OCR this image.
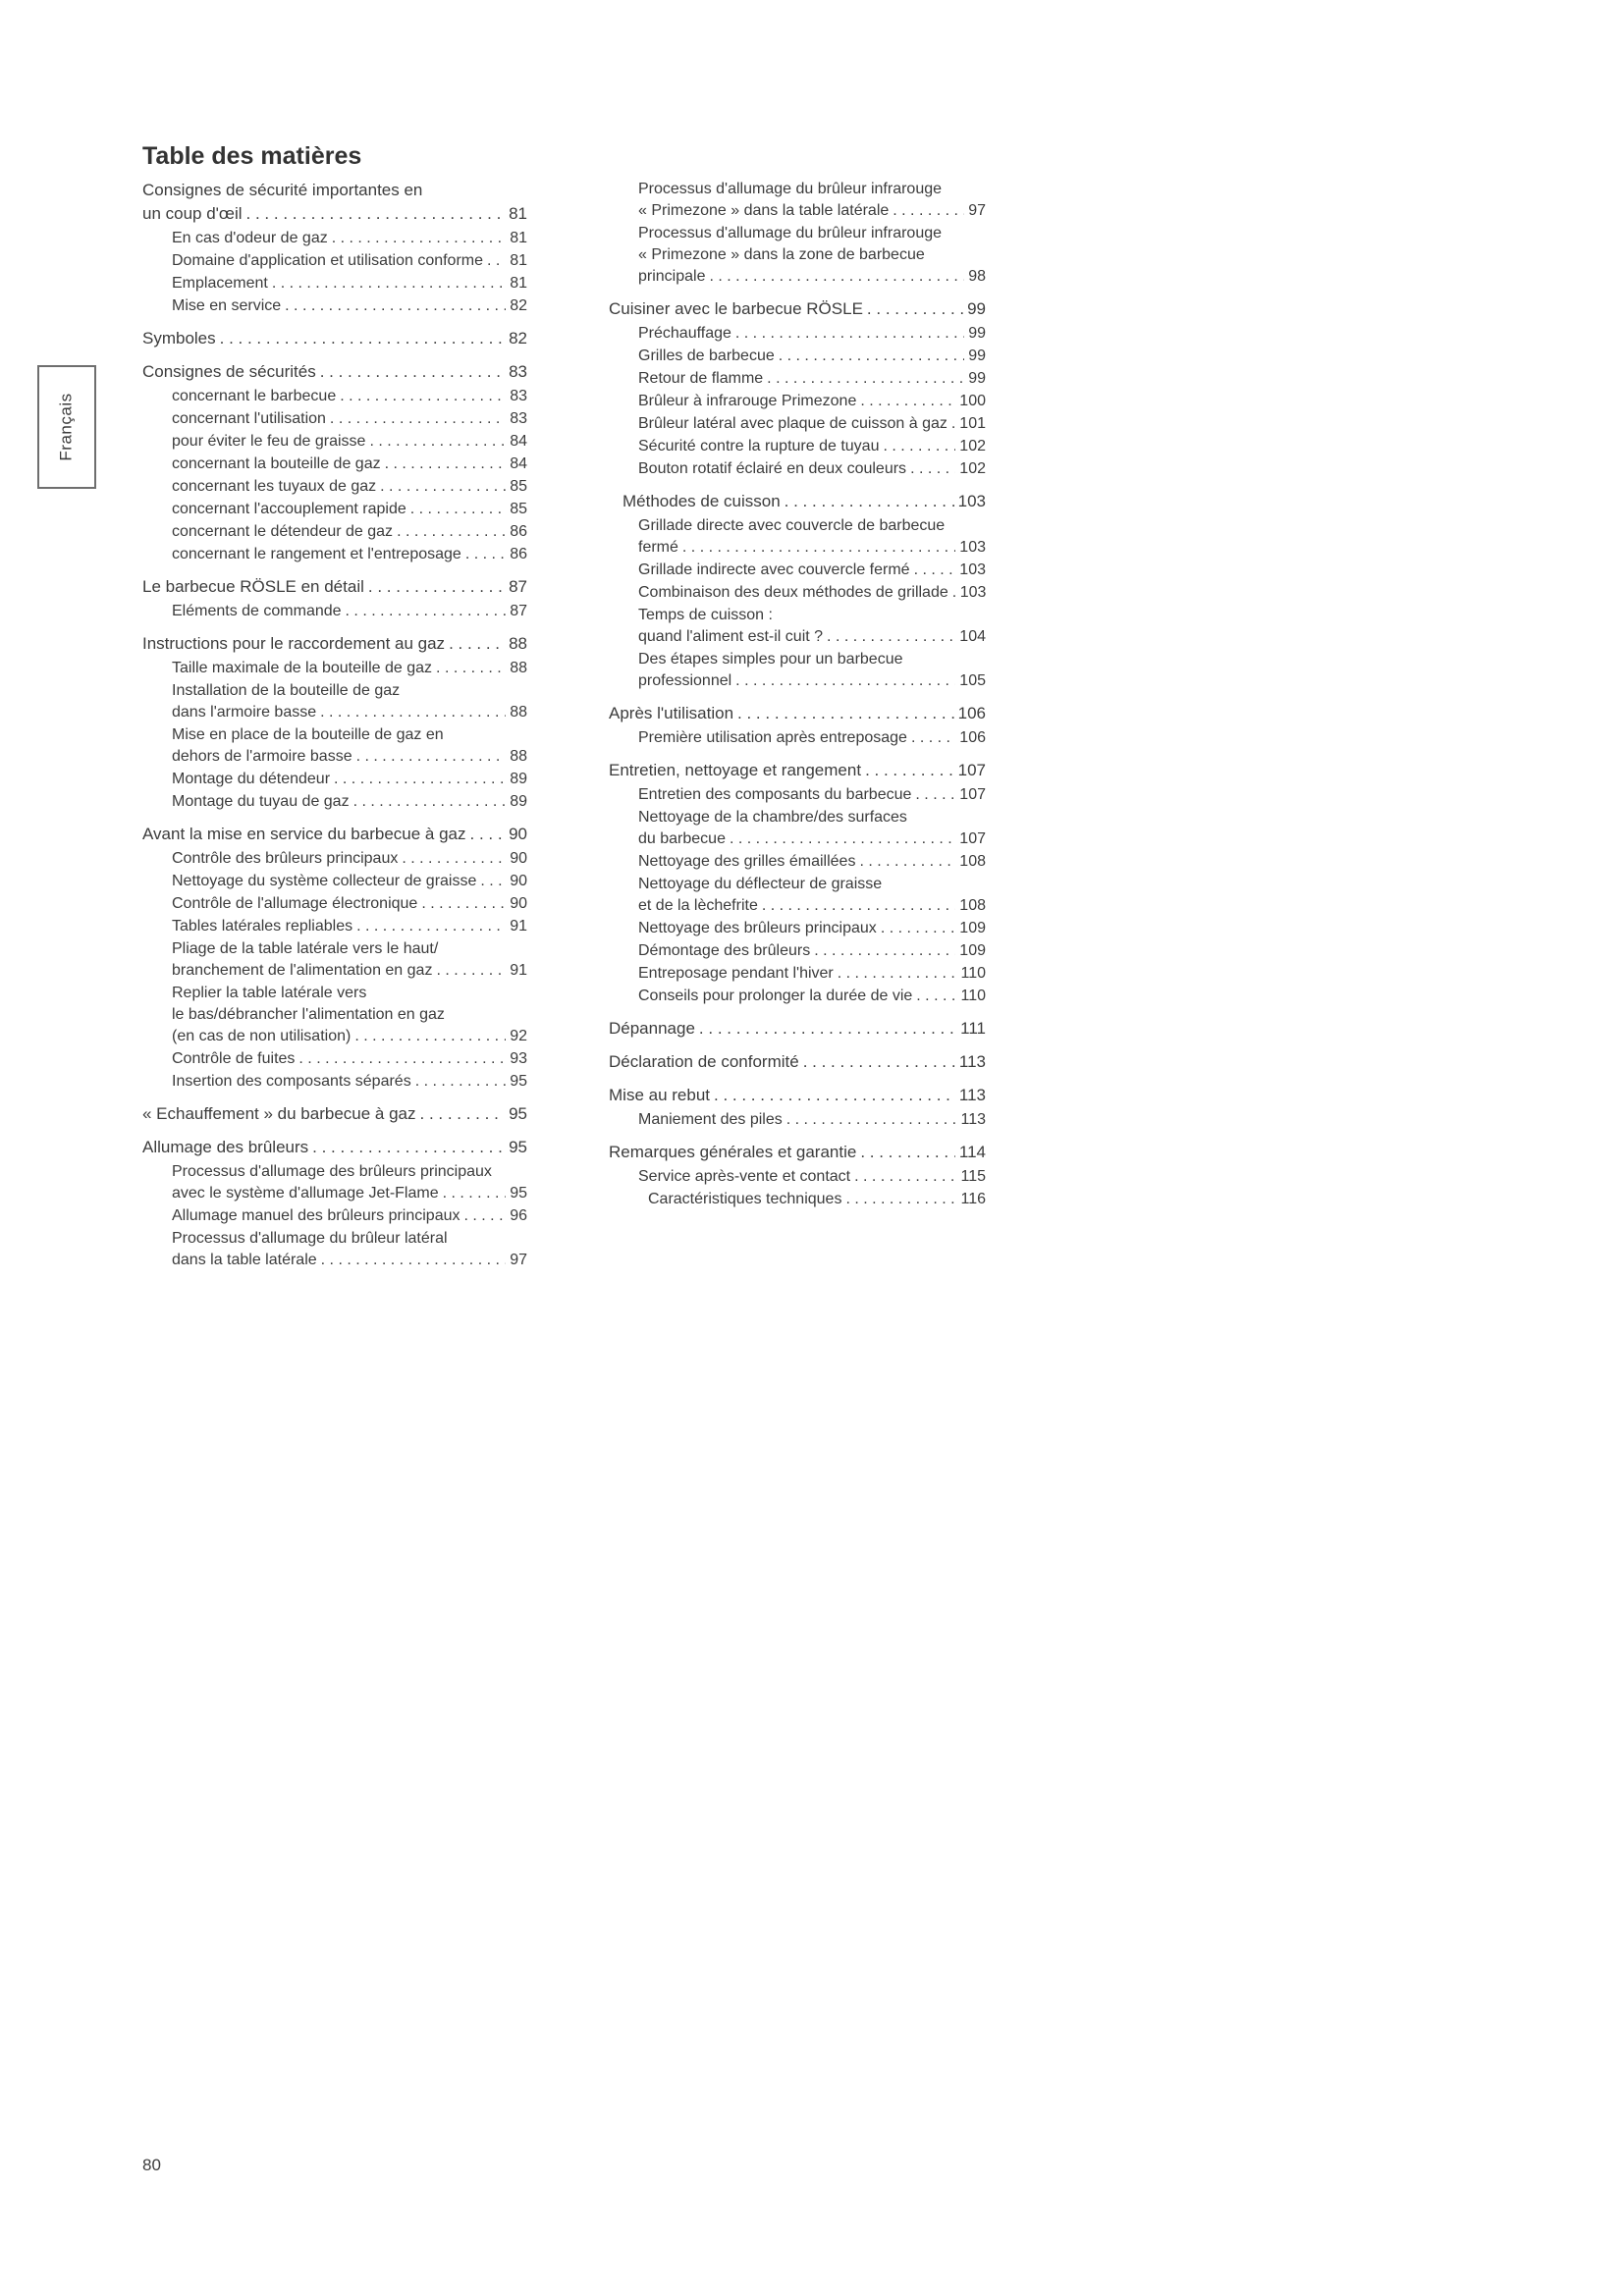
Français
Table des matières
Consignes de sécurité importantes en
un coup d'œil . . .	81
En cas d'odeur de gaz . . .	81
Domaine d'application et utilisation conforme . . . 81
Emplacement . . .	81
Mise en service . . .	82
Symboles . . .	82
Consignes de sécurités . . .	83
concernant le barbecue . . .	83
concernant l'utilisation . . .	83
pour éviter le feu de graisse . . .	84
concernant la bouteille de gaz . . .	84
concernant les tuyaux de gaz . . .	85
concernant l'accouplement rapide . . .	85
concernant le détendeur de gaz . . .	86
concernant le rangement et l'entreposage . . .	86
Le barbecue RÖSLE en détail . . .	87
Eléments de commande . . .	87
Instructions pour le raccordement au gaz . . .	88
Taille maximale de la bouteille de gaz . . .	88
Installation de la bouteille de gaz
dans l'armoire basse . . .	88
Mise en place de la bouteille de gaz en
dehors de l'armoire basse . . .	88
Montage du détendeur . . .	89
Montage du tuyau de gaz . . .	89
Avant la mise en service du barbecue à gaz . . .	90
Contrôle des brûleurs principaux . . .	90
Nettoyage du système collecteur de graisse . . . 90
Contrôle de l'allumage électronique . . .	90
Tables latérales repliables . . .	91
Pliage de la table latérale vers le haut/
branchement de l'alimentation en gaz . . .	91
Replier la table latérale vers
le bas/débrancher l'alimentation en gaz
(en cas de non utilisation) . . .	92
Contrôle de fuites . . .	93
Insertion des composants séparés . . .	95
« Echauffement » du barbecue à gaz . . .	95
Allumage des brûleurs . . .	95
Processus d'allumage des brûleurs principaux
avec le système d'allumage Jet-Flame . . .	95
Allumage manuel des brûleurs principaux . . .	96
Processus d'allumage du brûleur latéral
dans la table latérale . . .	97
Processus d'allumage du brûleur infrarouge
« Primezone » dans la table latérale . . .	97
Processus d'allumage du brûleur infrarouge
« Primezone » dans la zone de barbecue
principale . . .	98
Cuisiner avec le barbecue RÖSLE . . .	99
Préchauffage . . .	99
Grilles de barbecue . . .	99
Retour de flamme . . .	99
Brûleur à infrarouge Primezone . . .	100
Brûleur latéral avec plaque de cuisson à gaz . . . 101
Sécurité contre la rupture de tuyau . . .	102
Bouton rotatif éclairé en deux couleurs . . .	102
Méthodes de cuisson . . .	103
Grillade directe avec couvercle de barbecue
fermé . . .	103
Grillade indirecte avec couvercle fermé . . .	103
Combinaison des deux méthodes de grillade . . . 103
Temps de cuisson :
quand l'aliment est-il cuit ? . . .	104
Des étapes simples pour un barbecue
professionnel . . .	105
Après l'utilisation . . .	106
Première utilisation après entreposage . . .	106
Entretien, nettoyage et rangement . . .	107
Entretien des composants du barbecue . . .	107
Nettoyage de la chambre/des surfaces
du barbecue . . .	107
Nettoyage des grilles émaillées . . .	108
Nettoyage du déflecteur de graisse
et de la lèchefrite . . .	108
Nettoyage des brûleurs principaux . . .	109
Démontage des brûleurs . . .	109
Entreposage pendant l'hiver . . .	110
Conseils pour prolonger la durée de vie . . .	110
Dépannage . . .	111
Déclaration de conformité . . .	113
Mise au rebut . . .	113
Maniement des piles . . .	113
Remarques générales et garantie . . .	114
Service après-vente et contact . . .	115
Caractéristiques techniques . . .	116
80
